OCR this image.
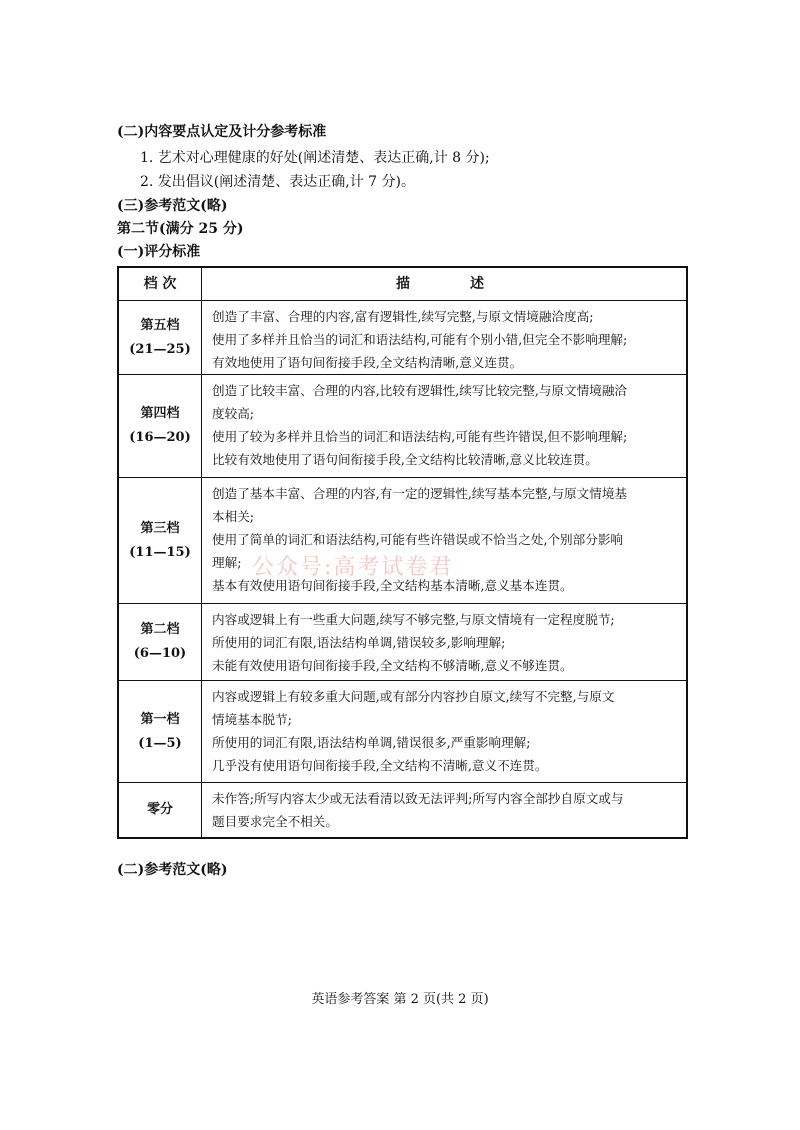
(二)内容要点认定及计分参考标准
1. 艺术对心理健康的好处(阐述清楚、表达正确,计 8 分);
2. 发出倡议(阐述清楚、表达正确,计 7 分)。
(三)参考范文(略)
第二节(满分 25 分)
(一)评分标准
档 次	描述
第五档
(21—25)

创造了丰富、合理的内容,富有逻辑性,续写完整,与原文情境融洽度高;

使用了多样并且恰当的词汇和语法结构,可能有个别小错,但完全不影响理解;

有效地使用了语句间衔接手段,全文结构清晰,意义连贯。

第四档
(16—20)

创造了比较丰富、合理的内容,比较有逻辑性,续写比较完整,与原文情境融洽

度较高;

使用了较为多样并且恰当的词汇和语法结构,可能有些许错误,但不影响理解;

比较有效地使用了语句间衔接手段,全文结构比较清晰,意义比较连贯。

第三档
(11—15)

创造了基本丰富、合理的内容,有一定的逻辑性,续写基本完整,与原文情境基

本相关;

使用了简单的词汇和语法结构,可能有些许错误或不恰当之处,个别部分影响

理解;

基本有效使用语句间衔接手段,全文结构基本清晰,意义基本连贯。

第二档
(6—10)

内容或逻辑上有一些重大问题,续写不够完整,与原文情境有一定程度脱节;

所使用的词汇有限,语法结构单调,错误较多,影响理解;

未能有效使用语句间衔接手段,全文结构不够清晰,意义不够连贯。

第一档
(1—5)

内容或逻辑上有较多重大问题,或有部分内容抄自原文,续写不完整,与原文

情境基本脱节;

所使用的词汇有限,语法结构单调,错误很多,严重影响理解;

几乎没有使用语句间衔接手段,全文结构不清晰,意义不连贯。

零分

未作答;所写内容太少或无法看清以致无法评判;所写内容全部抄自原文或与

题目要求完全不相关。

公众号:高考试卷君
(二)参考范文(略)
英语参考答案 第 2 页(共 2 页)
